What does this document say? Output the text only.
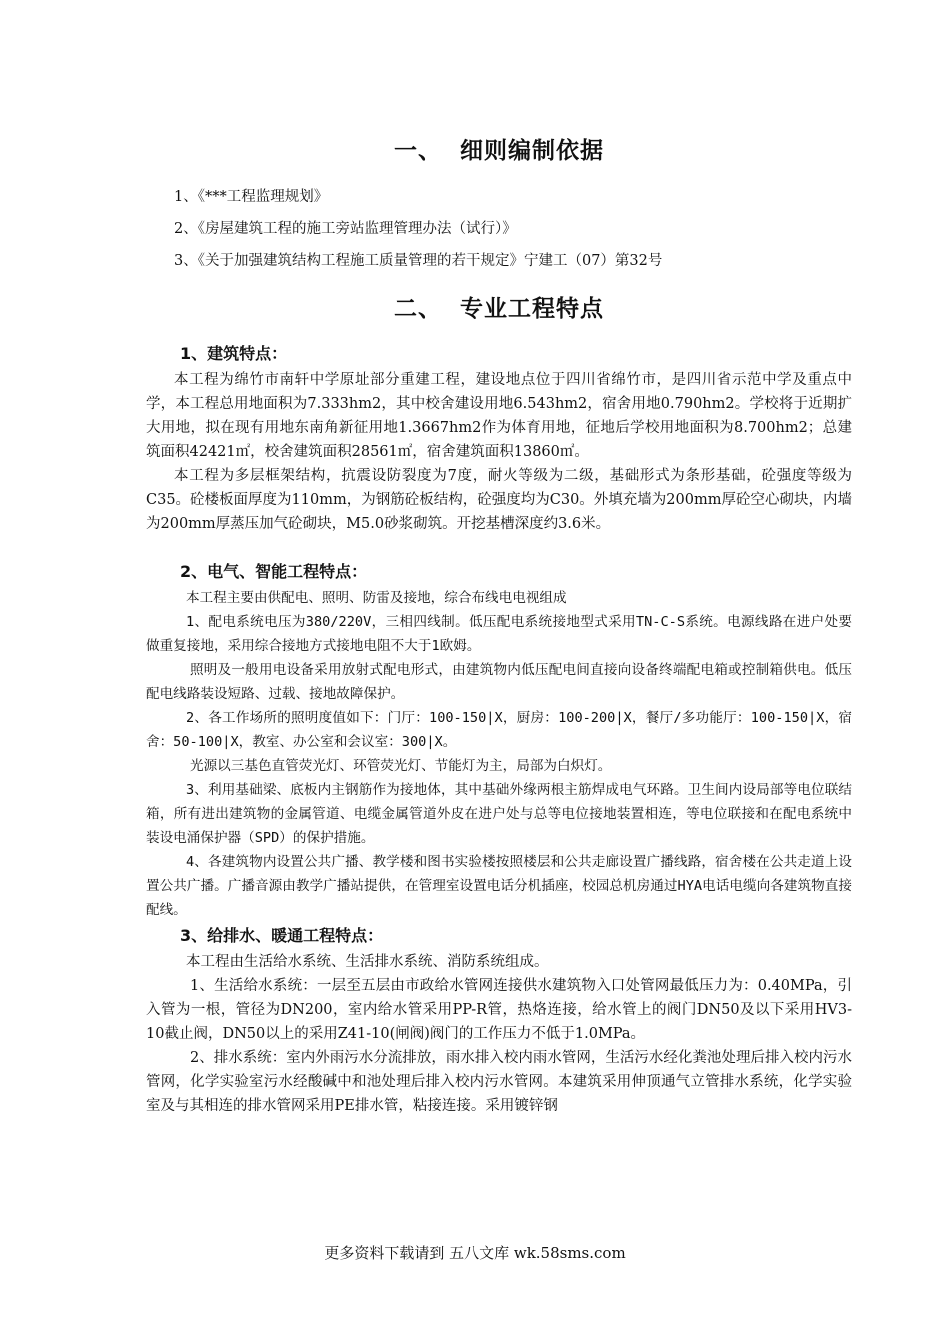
一、 细则编制依据
1、《***工程监理规划》
2、《房屋建筑工程的施工旁站监理管理办法（试行）》
3、《关于加强建筑结构工程施工质量管理的若干规定》宁建工（07）第32号
二、 专业工程特点
1、建筑特点：

本工程为绵竹市南轩中学原址部分重建工程，建设地点位于四川省绵竹市，是四川省示范中学及重点中学，本工程总用地面积为7.333hm2，其中校舍建设用地6.543hm2，宿舍用地0.790hm2。学校将于近期扩大用地，拟在现有用地东南角新征用地1.3667hm2作为体育用地，征地后学校用地面积为8.700hm2；总建筑面积42421㎡，校舍建筑面积28561㎡，宿舍建筑面积13860㎡。

本工程为多层框架结构，抗震设防裂度为7度，耐火等级为二级，基础形式为条形基础，砼强度等级为C35。砼楼板面厚度为110mm，为钢筋砼板结构，砼强度均为C30。外填充墙为200mm厚砼空心砌块，内墙为200mm厚蒸压加气砼砌块，M5.0砂浆砌筑。开挖基槽深度约3.6米。

2、电气、智能工程特点：

本工程主要由供配电、照明、防雷及接地，综合布线电电视组成

1、配电系统电压为380/220V，三相四线制。低压配电系统接地型式采用TN-C-S系统。电源线路在进户处要做重复接地，采用综合接地方式接地电阻不大于1欧姆。

照明及一般用电设备采用放射式配电形式，由建筑物内低压配电间直接向设备终端配电箱或控制箱供电。低压配电线路装设短路、过载、接地故障保护。

2、各工作场所的照明度值如下：门厅：100-150∣X，厨房：100-200∣X，餐厅/多功能厅：100-150∣X，宿舍：50-100∣X，教室、办公室和会议室：300∣X。

光源以三基色直管荧光灯、环管荧光灯、节能灯为主，局部为白炽灯。

3、利用基础梁、底板内主钢筋作为接地体，其中基础外缘两根主筋焊成电气环路。卫生间内设局部等电位联结箱，所有进出建筑物的金属管道、电缆金属管道外皮在进户处与总等电位接地装置相连，等电位联接和在配电系统中装设电涌保护器（SPD）的保护措施。

4、各建筑物内设置公共广播、教学楼和图书实验楼按照楼层和公共走廊设置广播线路，宿舍楼在公共走道上设置公共广播。广播音源由教学广播站提供，在管理室设置电话分机插座，校园总机房通过HYA电话电缆向各建筑物直接配线。

3、给排水、暖通工程特点：

本工程由生活给水系统、生活排水系统、消防系统组成。

1、生活给水系统：一层至五层由市政给水管网连接供水建筑物入口处管网最低压力为：0.40MPa，引入管为一根，管径为DN200，室内给水管采用PP-R管，热烙连接，给水管上的阀门DN50及以下采用HV3-10截止阀，DN50以上的采用Z41-10(闸阀)阀门的工作压力不低于1.0MPa。

2、排水系统：室内外雨污水分流排放，雨水排入校内雨水管网，生活污水经化粪池处理后排入校内污水管网，化学实验室污水经酸碱中和池处理后排入校内污水管网。本建筑采用伸顶通气立管排水系统，化学实验室及与其相连的排水管网采用PE排水管，粘接连接。采用镀锌钢

更多资料下载请到 五八文库 wk.58sms.com
